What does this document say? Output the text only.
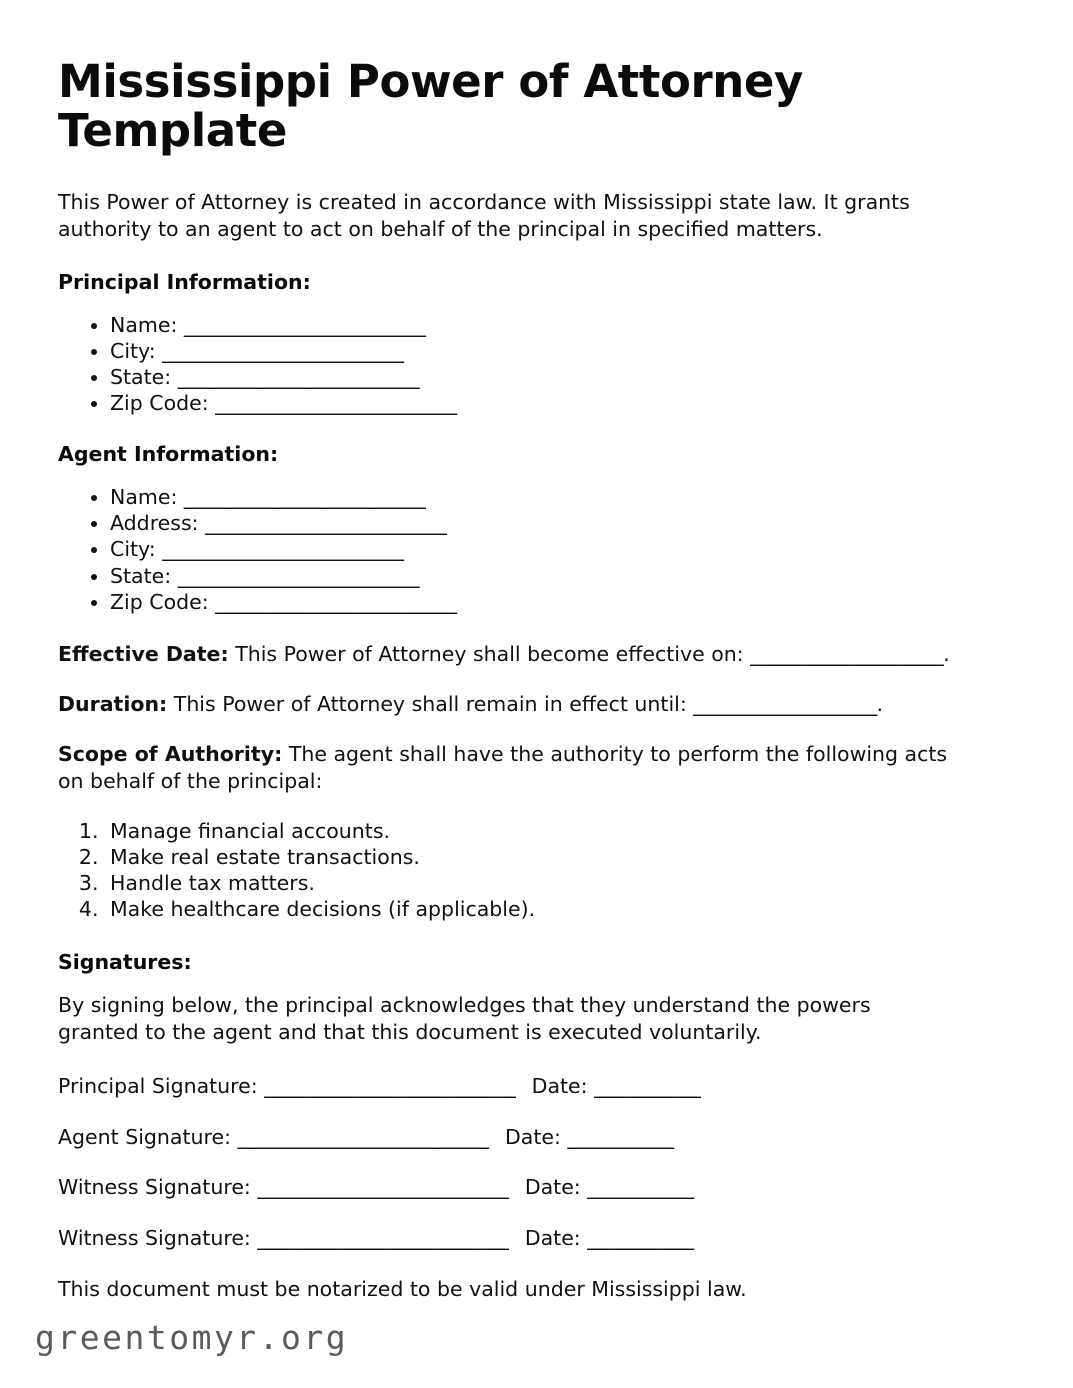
Mississippi Power of Attorney Template

This Power of Attorney is created in accordance with Mississippi state law. It grants authority to an agent to act on behalf of the principal in specified matters.

Principal Information:
• Name: _________________________
• City: _________________________
• State: _________________________
• Zip Code: _________________________
Agent Information:
• Name: _________________________
• Address: _________________________
• City: _________________________
• State: _________________________
• Zip Code: _________________________

Effective Date: This Power of Attorney shall become effective on: ____________________.

Duration: This Power of Attorney shall remain in effect until: ___________________.

Scope of Authority: The agent shall have the authority to perform the following acts on behalf of the principal:

1. Manage financial accounts.
2. Make real estate transactions.
3. Handle tax matters.
4. Make healthcare decisions (if applicable).
Signatures:

By signing below, the principal acknowledges that they understand the powers granted to the agent and that this document is executed voluntarily.

Principal Signature: __________________________ Date: ___________
Agent Signature: __________________________ Date: ___________
Witness Signature: __________________________ Date: ___________
Witness Signature: __________________________ Date: ___________

This document must be notarized to be valid under Mississippi law.

greentomyr.org
